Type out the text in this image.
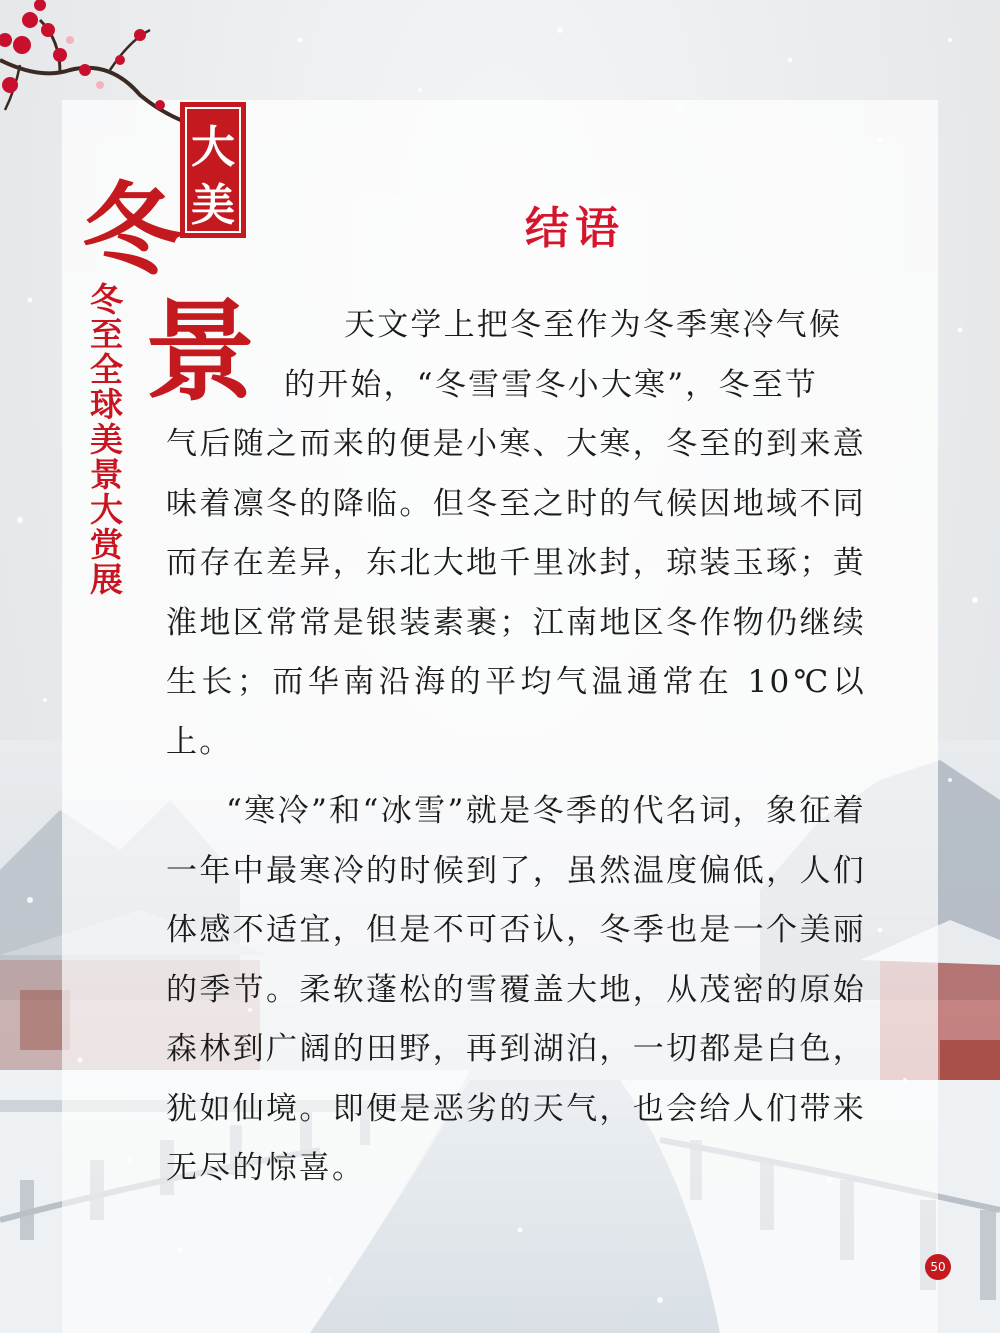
大
美
冬
景
冬至全球美景大赏展
结语

天文学上把冬至作为冬季寒冷气候

的开始，“冬雪雪冬小大寒”，冬至节

气后随之而来的便是小寒、大寒，冬至的到来意味着凛冬的降临。但冬至之时的气候因地域不同而存在差异，东北大地千里冰封，琼装玉琢；黄淮地区常常是银装素裹；江南地区冬作物仍继续生长；而华南沿海的平均气温通常在 10℃以上。

“寒冷”和“冰雪”就是冬季的代名词，象征着一年中最寒冷的时候到了，虽然温度偏低，人们体感不适宜，但是不可否认，冬季也是一个美丽的季节。柔软蓬松的雪覆盖大地，从茂密的原始森林到广阔的田野，再到湖泊，一切都是白色，犹如仙境。即便是恶劣的天气，也会给人们带来无尽的惊喜。
50
